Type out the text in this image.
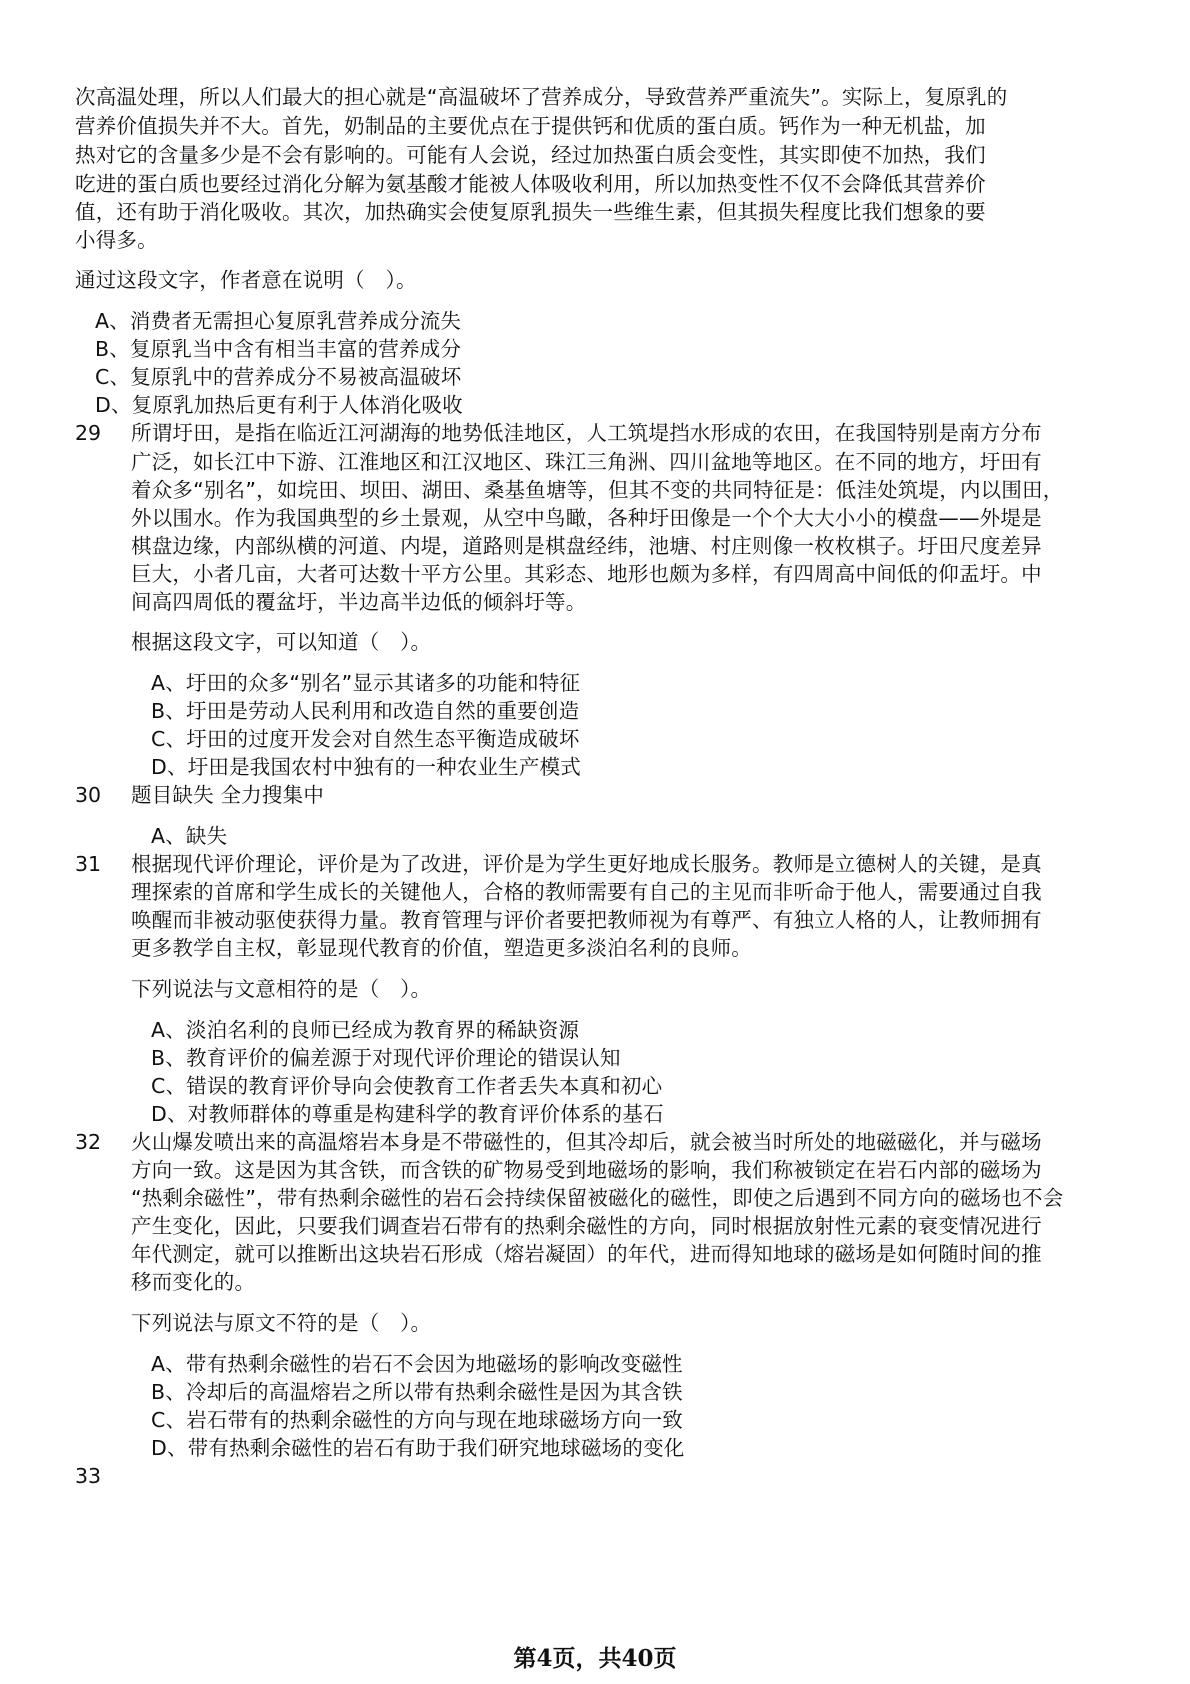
次高温处理，所以人们最大的担心就是“高温破坏了营养成分，导致营养严重流失”。实际上，复原乳的
营养价值损失并不大。首先，奶制品的主要优点在于提供钙和优质的蛋白质。钙作为一种无机盐，加
热对它的含量多少是不会有影响的。可能有人会说，经过加热蛋白质会变性，其实即使不加热，我们
吃进的蛋白质也要经过消化分解为氨基酸才能被人体吸收利用，所以加热变性不仅不会降低其营养价
值，还有助于消化吸收。其次，加热确实会使复原乳损失一些维生素，但其损失程度比我们想象的要
小得多。
通过这段文字，作者意在说明（　）。
A、消费者无需担心复原乳营养成分流失
B、复原乳当中含有相当丰富的营养成分
C、复原乳中的营养成分不易被高温破坏
D、复原乳加热后更有利于人体消化吸收
29 所谓圩田，是指在临近江河湖海的地势低洼地区，人工筑堤挡水形成的农田，在我国特别是南方分布
广泛，如长江中下游、江淮地区和江汉地区、珠江三角洲、四川盆地等地区。在不同的地方，圩田有
着众多“别名”，如垸田、坝田、湖田、桑基鱼塘等，但其不变的共同特征是：低洼处筑堤，内以围田，
外以围水。作为我国典型的乡土景观，从空中鸟瞰，各种圩田像是一个个大大小小的模盘——外堤是
棋盘边缘，内部纵横的河道、内堤，道路则是棋盘经纬，池塘、村庄则像一枚枚棋子。圩田尺度差异
巨大，小者几亩，大者可达数十平方公里。其彩态、地形也颇为多样，有四周高中间低的仰盂圩。中
间高四周低的覆盆圩，半边高半边低的倾斜圩等。
根据这段文字，可以知道（　）。
A、圩田的众多“别名”显示其诸多的功能和特征
B、圩田是劳动人民利用和改造自然的重要创造
C、圩田的过度开发会对自然生态平衡造成破坏
D、圩田是我国农村中独有的一种农业生产模式
30 题目缺失 全力搜集中
A、缺失
31 根据现代评价理论，评价是为了改进，评价是为学生更好地成长服务。教师是立德树人的关键，是真
理探索的首席和学生成长的关键他人，合格的教师需要有自己的主见而非听命于他人，需要通过自我
唤醒而非被动驱使获得力量。教育管理与评价者要把教师视为有尊严、有独立人格的人，让教师拥有
更多教学自主权，彰显现代教育的价值，塑造更多淡泊名利的良师。
下列说法与文意相符的是（　）。
A、淡泊名利的良师已经成为教育界的稀缺资源
B、教育评价的偏差源于对现代评价理论的错误认知
C、错误的教育评价导向会使教育工作者丢失本真和初心
D、对教师群体的尊重是构建科学的教育评价体系的基石
32 火山爆发喷出来的高温熔岩本身是不带磁性的，但其冷却后，就会被当时所处的地磁磁化，并与磁场
方向一致。这是因为其含铁，而含铁的矿物易受到地磁场的影响，我们称被锁定在岩石内部的磁场为
“热剩余磁性”，带有热剩余磁性的岩石会持续保留被磁化的磁性，即使之后遇到不同方向的磁场也不会
产生变化，因此，只要我们调查岩石带有的热剩余磁性的方向，同时根据放射性元素的衰变情况进行
年代测定，就可以推断出这块岩石形成（熔岩凝固）的年代，进而得知地球的磁场是如何随时间的推
移而变化的。
下列说法与原文不符的是（　）。
A、带有热剩余磁性的岩石不会因为地磁场的影响改变磁性
B、冷却后的高温熔岩之所以带有热剩余磁性是因为其含铁
C、岩石带有的热剩余磁性的方向与现在地球磁场方向一致
D、带有热剩余磁性的岩石有助于我们研究地球磁场的变化
33
第4页，共40页
